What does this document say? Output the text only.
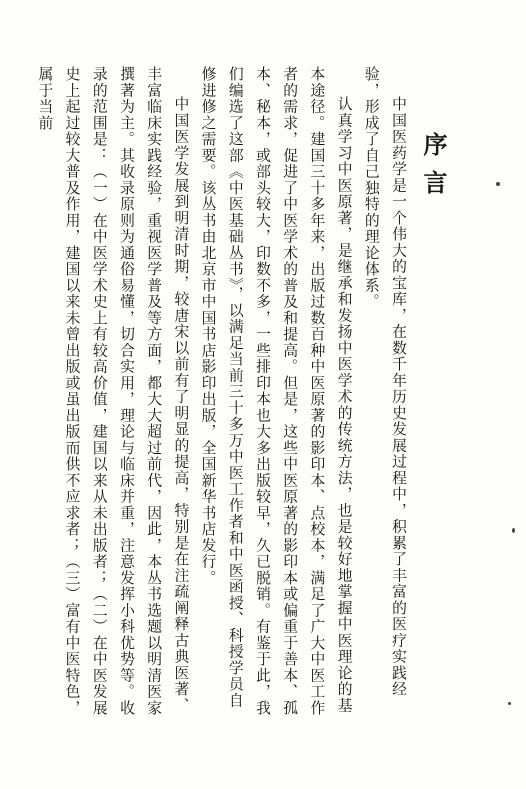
序言

中国医药学是一个伟大的宝库，在数千年历史发展过程中，积累了丰富的医疗实践经验，形成了自己独特的理论体系。

认真学习中医原著，是继承和发扬中医学术的传统方法，也是较好地掌握中医理论的基本途径。建国三十多年来，出版过数百种中医原著的影印本、点校本，满足了广大中医工作者的需求，促进了中医学术的普及和提高。但是，这些中医原著的影印本或偏重于善本、孤本、秘本，或部头较大，印数不多，一些排印本也大多出版较早，久已脱销。有鉴于此，我们编选了这部《中医基础丛书》，以满足当前三十多万中医工作者和中医函授、科授学员自修进修之需要。该丛书由北京市中国书店影印出版，全国新华书店发行。

中国医学发展到明清时期，较唐宋以前有了明显的提高，特别是在注疏阐释古典医著、丰富临床实践经验，重视医学普及等方面，都大大超过前代，因此，本丛书选题以明清医家撰著为主。其收录原则为通俗易懂，切合实用，理论与临床并重，注意发挥小科优势等。收录的范围是：（一）在中医学术史上有较高价值，建国以来从未出版者；（二）在中医发展史上起过较大普及作用，建国以来未曾出版或虽出版而供不应求者；（三）富有中医特色，属于当前
